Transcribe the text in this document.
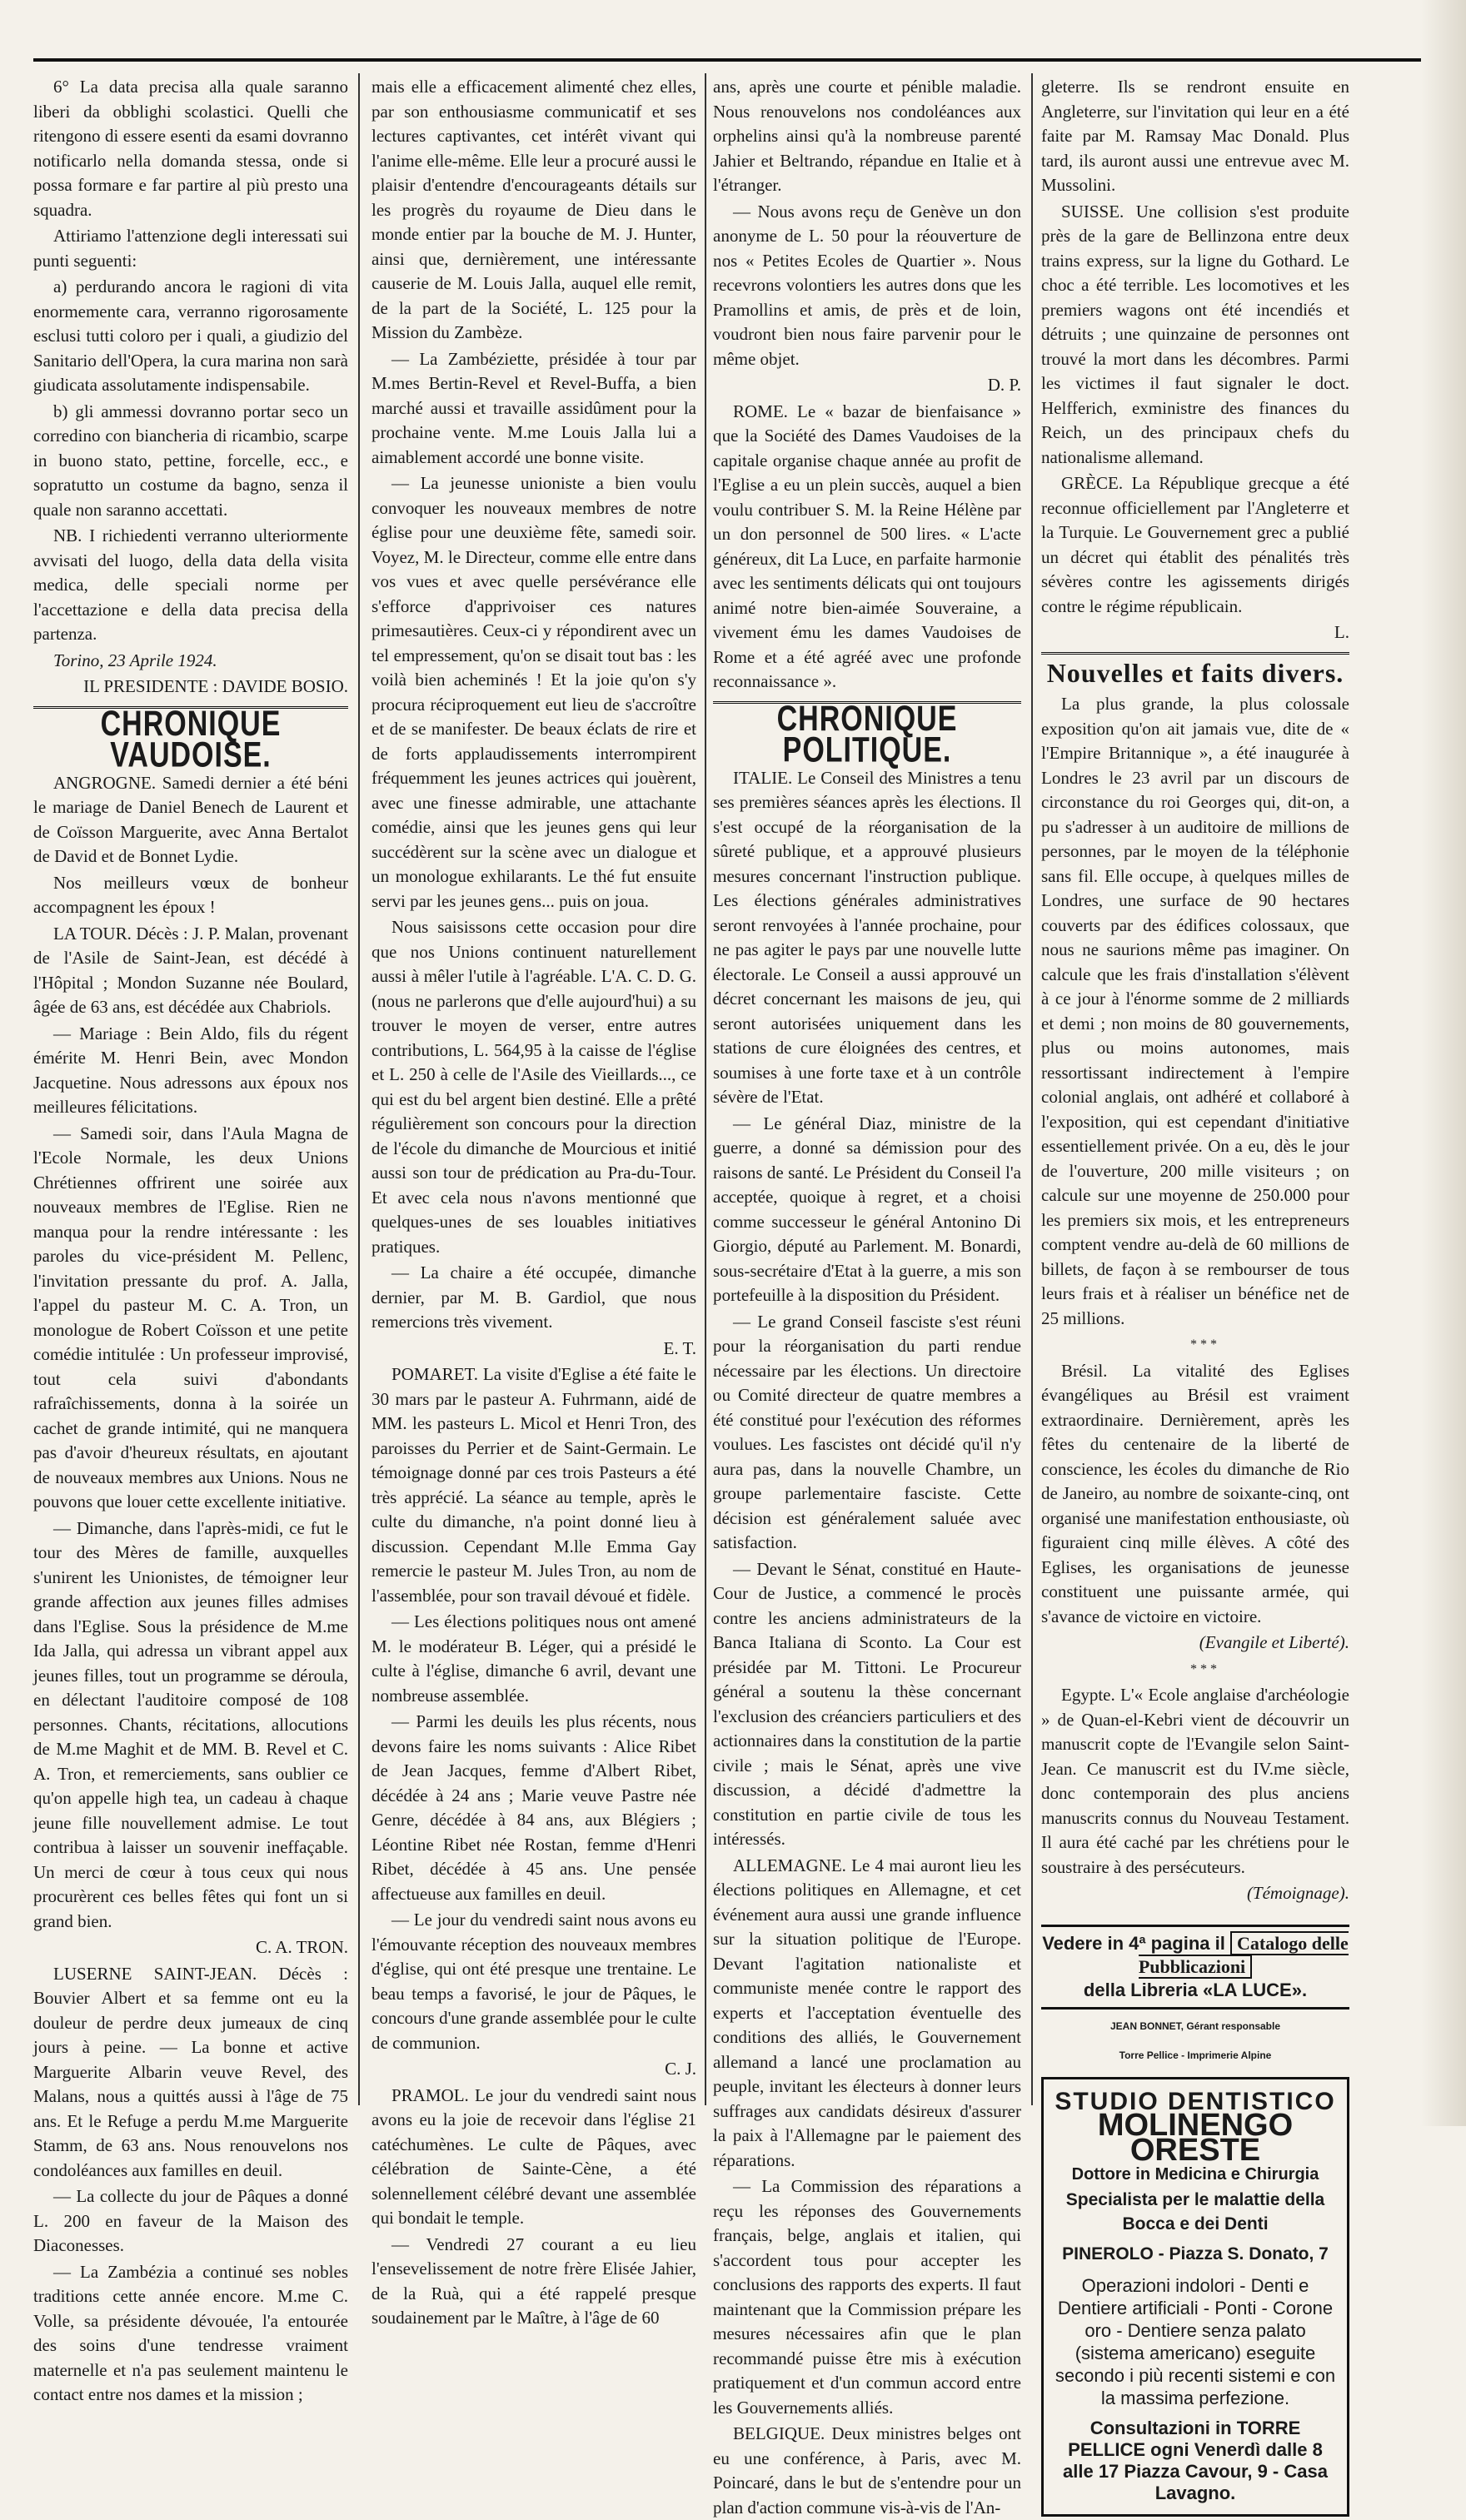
6° La data precisa alla quale saranno liberi da obblighi scolastici. Quelli che ritengono di essere esenti da esami dovranno notificarlo nella domanda stessa, onde si possa formare e far partire al più presto una squadra.

Attiriamo l'attenzione degli interessati sui punti seguenti:

a) perdurando ancora le ragioni di vita enormemente cara, verranno rigorosamente esclusi tutti coloro per i quali, a giudizio del Sanitario dell'Opera, la cura marina non sarà giudicata assolutamente indispensabile.

b) gli ammessi dovranno portar seco un corredino con biancheria di ricambio, scarpe in buono stato, pettine, forcelle, ecc., e sopratutto un costume da bagno, senza il quale non saranno accettati.

NB. I richiedenti verranno ulteriormente avvisati del luogo, della data della visita medica, delle speciali norme per l'accettazione e della data precisa della partenza.

Torino, 23 Aprile 1924.

IL PRESIDENTE : DAVIDE BOSIO.

CHRONIQUE VAUDOISE.

ANGROGNE. Samedi dernier a été béni le mariage de Daniel Benech de Laurent et de Coïsson Marguerite, avec Anna Bertalot de David et de Bonnet Lydie.

Nos meilleurs vœux de bonheur accompagnent les époux !

LA TOUR. Décès : J. P. Malan, provenant de l'Asile de Saint-Jean, est décédé à l'Hôpital ; Mondon Suzanne née Boulard, âgée de 63 ans, est décédée aux Chabriols.

— Mariage : Bein Aldo, fils du régent émérite M. Henri Bein, avec Mondon Jacquetine. Nous adressons aux époux nos meilleures félicitations.

— Samedi soir, dans l'Aula Magna de l'Ecole Normale, les deux Unions Chrétiennes offrirent une soirée aux nouveaux membres de l'Eglise. Rien ne manqua pour la rendre intéressante : les paroles du vice-président M. Pellenc, l'invitation pressante du prof. A. Jalla, l'appel du pasteur M. C. A. Tron, un monologue de Robert Coïsson et une petite comédie intitulée : Un professeur improvisé, tout cela suivi d'abondants rafraîchissements, donna à la soirée un cachet de grande intimité, qui ne manquera pas d'avoir d'heureux résultats, en ajoutant de nouveaux membres aux Unions. Nous ne pouvons que louer cette excellente initiative.

— Dimanche, dans l'après-midi, ce fut le tour des Mères de famille, auxquelles s'unirent les Unionistes, de témoigner leur grande affection aux jeunes filles admises dans l'Eglise. Sous la présidence de M.me Ida Jalla, qui adressa un vibrant appel aux jeunes filles, tout un programme se déroula, en délectant l'auditoire composé de 108 personnes. Chants, récitations, allocutions de M.me Maghit et de MM. B. Revel et C. A. Tron, et remerciements, sans oublier ce qu'on appelle high tea, un cadeau à chaque jeune fille nouvellement admise. Le tout contribua à laisser un souvenir ineffaçable. Un merci de cœur à tous ceux qui nous procurèrent ces belles fêtes qui font un si grand bien.

C. A. TRON.

LUSERNE SAINT-JEAN. Décès : Bouvier Albert et sa femme ont eu la douleur de perdre deux jumeaux de cinq jours à peine. — La bonne et active Marguerite Albarin veuve Revel, des Malans, nous a quittés aussi à l'âge de 75 ans. Et le Refuge a perdu M.me Marguerite Stamm, de 63 ans. Nous renouvelons nos condoléances aux familles en deuil.

— La collecte du jour de Pâques a donné L. 200 en faveur de la Maison des Diaconesses.

— La Zambézia a continué ses nobles traditions cette année encore. M.me C. Volle, sa présidente dévouée, l'a entourée des soins d'une tendresse vraiment maternelle et n'a pas seulement maintenu le contact entre nos dames et la mission ;

mais elle a efficacement alimenté chez elles, par son enthousiasme communicatif et ses lectures captivantes, cet intérêt vivant qui l'anime elle-même. Elle leur a procuré aussi le plaisir d'entendre d'encourageants détails sur les progrès du royaume de Dieu dans le monde entier par la bouche de M. J. Hunter, ainsi que, dernièrement, une intéressante causerie de M. Louis Jalla, auquel elle remit, de la part de la Société, L. 125 pour la Mission du Zambèze.

— La Zambéziette, présidée à tour par M.mes Bertin-Revel et Revel-Buffa, a bien marché aussi et travaille assidûment pour la prochaine vente. M.me Louis Jalla lui a aimablement accordé une bonne visite.

— La jeunesse unioniste a bien voulu convoquer les nouveaux membres de notre église pour une deuxième fête, samedi soir. Voyez, M. le Directeur, comme elle entre dans vos vues et avec quelle persévérance elle s'efforce d'apprivoiser ces natures primesautières. Ceux-ci y répondirent avec un tel empressement, qu'on se disait tout bas : les voilà bien acheminés ! Et la joie qu'on s'y procura réciproquement eut lieu de s'accroître et de se manifester. De beaux éclats de rire et de forts applaudissements interrompirent fréquemment les jeunes actrices qui jouèrent, avec une finesse admirable, une attachante comédie, ainsi que les jeunes gens qui leur succédèrent sur la scène avec un dialogue et un monologue exhilarants. Le thé fut ensuite servi par les jeunes gens... puis on joua.

Nous saisissons cette occasion pour dire que nos Unions continuent naturellement aussi à mêler l'utile à l'agréable. L'A. C. D. G. (nous ne parlerons que d'elle aujourd'hui) a su trouver le moyen de verser, entre autres contributions, L. 564,95 à la caisse de l'église et L. 250 à celle de l'Asile des Vieillards..., ce qui est du bel argent bien destiné. Elle a prêté régulièrement son concours pour la direction de l'école du dimanche de Mourcious et initié aussi son tour de prédication au Pra-du-Tour. Et avec cela nous n'avons mentionné que quelques-unes de ses louables initiatives pratiques.

— La chaire a été occupée, dimanche dernier, par M. B. Gardiol, que nous remercions très vivement.

E. T.

POMARET. La visite d'Eglise a été faite le 30 mars par le pasteur A. Fuhrmann, aidé de MM. les pasteurs L. Micol et Henri Tron, des paroisses du Perrier et de Saint-Germain. Le témoignage donné par ces trois Pasteurs a été très apprécié. La séance au temple, après le culte du dimanche, n'a point donné lieu à discussion. Cependant M.lle Emma Gay remercie le pasteur M. Jules Tron, au nom de l'assemblée, pour son travail dévoué et fidèle.

— Les élections politiques nous ont amené M. le modérateur B. Léger, qui a présidé le culte à l'église, dimanche 6 avril, devant une nombreuse assemblée.

— Parmi les deuils les plus récents, nous devons faire les noms suivants : Alice Ribet de Jean Jacques, femme d'Albert Ribet, décédée à 24 ans ; Marie veuve Pastre née Genre, décédée à 84 ans, aux Blégiers ; Léontine Ribet née Rostan, femme d'Henri Ribet, décédée à 45 ans. Une pensée affectueuse aux familles en deuil.

— Le jour du vendredi saint nous avons eu l'émouvante réception des nouveaux membres d'église, qui ont été presque une trentaine. Le beau temps a favorisé, le jour de Pâques, le concours d'une grande assemblée pour le culte de communion.

C. J.

PRAMOL. Le jour du vendredi saint nous avons eu la joie de recevoir dans l'église 21 catéchumènes. Le culte de Pâques, avec célébration de Sainte-Cène, a été solennellement célébré devant une assemblée qui bondait le temple.

— Vendredi 27 courant a eu lieu l'ensevelissement de notre frère Elisée Jahier, de la Ruà, qui a été rappelé presque soudainement par le Maître, à l'âge de 60

ans, après une courte et pénible maladie. Nous renouvelons nos condoléances aux orphelins ainsi qu'à la nombreuse parenté Jahier et Beltrando, répandue en Italie et à l'étranger.

— Nous avons reçu de Genève un don anonyme de L. 50 pour la réouverture de nos « Petites Ecoles de Quartier ». Nous recevrons volontiers les autres dons que les Pramollins et amis, de près et de loin, voudront bien nous faire parvenir pour le même objet.

D. P.

ROME. Le « bazar de bienfaisance » que la Société des Dames Vaudoises de la capitale organise chaque année au profit de l'Eglise a eu un plein succès, auquel a bien voulu contribuer S. M. la Reine Hélène par un don personnel de 500 lires. « L'acte généreux, dit La Luce, en parfaite harmonie avec les sentiments délicats qui ont toujours animé notre bien-aimée Souveraine, a vivement ému les dames Vaudoises de Rome et a été agréé avec une profonde reconnaissance ».

CHRONIQUE POLITIQUE.

ITALIE. Le Conseil des Ministres a tenu ses premières séances après les élections. Il s'est occupé de la réorganisation de la sûreté publique, et a approuvé plusieurs mesures concernant l'instruction publique. Les élections générales administratives seront renvoyées à l'année prochaine, pour ne pas agiter le pays par une nouvelle lutte électorale. Le Conseil a aussi approuvé un décret concernant les maisons de jeu, qui seront autorisées uniquement dans les stations de cure éloignées des centres, et soumises à une forte taxe et à un contrôle sévère de l'Etat.

— Le général Diaz, ministre de la guerre, a donné sa démission pour des raisons de santé. Le Président du Conseil l'a acceptée, quoique à regret, et a choisi comme successeur le général Antonino Di Giorgio, député au Parlement. M. Bonardi, sous-secrétaire d'Etat à la guerre, a mis son portefeuille à la disposition du Président.

— Le grand Conseil fasciste s'est réuni pour la réorganisation du parti rendue nécessaire par les élections. Un directoire ou Comité directeur de quatre membres a été constitué pour l'exécution des réformes voulues. Les fascistes ont décidé qu'il n'y aura pas, dans la nouvelle Chambre, un groupe parlementaire fasciste. Cette décision est généralement saluée avec satisfaction.

— Devant le Sénat, constitué en Haute-Cour de Justice, a commencé le procès contre les anciens administrateurs de la Banca Italiana di Sconto. La Cour est présidée par M. Tittoni. Le Procureur général a soutenu la thèse concernant l'exclusion des créanciers particuliers et des actionnaires dans la constitution de la partie civile ; mais le Sénat, après une vive discussion, a décidé d'admettre la constitution en partie civile de tous les intéressés.

ALLEMAGNE. Le 4 mai auront lieu les élections politiques en Allemagne, et cet événement aura aussi une grande influence sur la situation politique de l'Europe. Devant l'agitation nationaliste et communiste menée contre le rapport des experts et l'acceptation éventuelle des conditions des alliés, le Gouvernement allemand a lancé une proclamation au peuple, invitant les électeurs à donner leurs suffrages aux candidats désireux d'assurer la paix à l'Allemagne par le paiement des réparations.

— La Commission des réparations a reçu les réponses des Gouvernements français, belge, anglais et italien, qui s'accordent tous pour accepter les conclusions des rapports des experts. Il faut maintenant que la Commission prépare les mesures nécessaires afin que le plan recommandé puisse être mis à exécution pratiquement et d'un commun accord entre les Gouvernements alliés.

BELGIQUE. Deux ministres belges ont eu une conférence, à Paris, avec M. Poincaré, dans le but de s'entendre pour un plan d'action commune vis-à-vis de l'An-

gleterre. Ils se rendront ensuite en Angleterre, sur l'invitation qui leur en a été faite par M. Ramsay Mac Donald. Plus tard, ils auront aussi une entrevue avec M. Mussolini.

SUISSE. Une collision s'est produite près de la gare de Bellinzona entre deux trains express, sur la ligne du Gothard. Le choc a été terrible. Les locomotives et les premiers wagons ont été incendiés et détruits ; une quinzaine de personnes ont trouvé la mort dans les décombres. Parmi les victimes il faut signaler le doct. Helfferich, exministre des finances du Reich, un des principaux chefs du nationalisme allemand.

GRÈCE. La République grecque a été reconnue officiellement par l'Angleterre et la Turquie. Le Gouvernement grec a publié un décret qui établit des pénalités très sévères contre les agissements dirigés contre le régime républicain.

L.

Nouvelles et faits divers.

La plus grande, la plus colossale exposition qu'on ait jamais vue, dite de « l'Empire Britannique », a été inaugurée à Londres le 23 avril par un discours de circonstance du roi Georges qui, dit-on, a pu s'adresser à un auditoire de millions de personnes, par le moyen de la téléphonie sans fil. Elle occupe, à quelques milles de Londres, une surface de 90 hectares couverts par des édifices colossaux, que nous ne saurions même pas imaginer. On calcule que les frais d'installation s'élèvent à ce jour à l'énorme somme de 2 milliards et demi ; non moins de 80 gouvernements, plus ou moins autonomes, mais ressortissant indirectement à l'empire colonial anglais, ont adhéré et collaboré à l'exposition, qui est cependant d'initiative essentiellement privée. On a eu, dès le jour de l'ouverture, 200 mille visiteurs ; on calcule sur une moyenne de 250.000 pour les premiers six mois, et les entrepreneurs comptent vendre au-delà de 60 millions de billets, de façon à se rembourser de tous leurs frais et à réaliser un bénéfice net de 25 millions.

***

Brésil. La vitalité des Eglises évangéliques au Brésil est vraiment extraordinaire. Dernièrement, après les fêtes du centenaire de la liberté de conscience, les écoles du dimanche de Rio de Janeiro, au nombre de soixante-cinq, ont organisé une manifestation enthousiaste, où figuraient cinq mille élèves. A côté des Eglises, les organisations de jeunesse constituent une puissante armée, qui s'avance de victoire en victoire.

(Evangile et Liberté).

***

Egypte. L'« Ecole anglaise d'archéologie » de Quan-el-Kebri vient de découvrir un manuscrit copte de l'Evangile selon Saint-Jean. Ce manuscrit est du IV.me siècle, donc contemporain des plus anciens manuscrits connus du Nouveau Testament. Il aura été caché par les chrétiens pour le soustraire à des persécuteurs.

(Témoignage).

Vedere in 4ª pagina il Catalogo delle Pubblicazioni
della Libreria «LA LUCE».
JEAN BONNET, Gérant responsable
Torre Pellice - Imprimerie Alpine
STUDIO DENTISTICO
MOLINENGO ORESTE
Dottore in Medicina e Chirurgia
Specialista per le malattie della Bocca e dei Denti
PINEROLO - Piazza S. Donato, 7
Operazioni indolori - Denti e Dentiere artificiali - Ponti - Corone oro - Dentiere senza palato (sistema americano) eseguite secondo i più recenti sistemi e con la massima perfezione.
Consultazioni in TORRE PELLICE ogni Venerdì dalle 8 alle 17 Piazza Cavour, 9 - Casa Lavagno.
